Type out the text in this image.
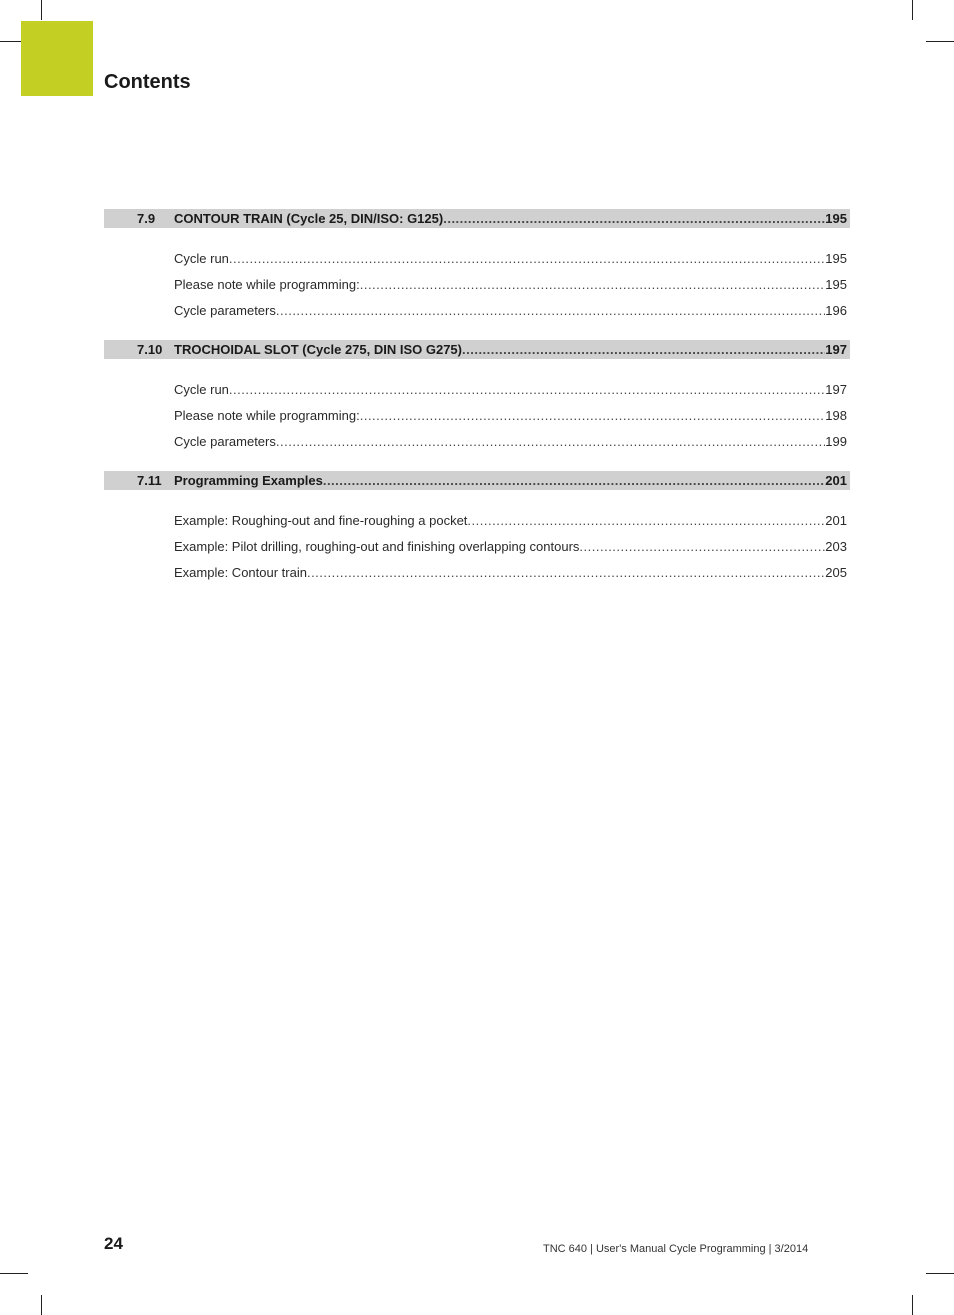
Contents
7.9	CONTOUR TRAIN (Cycle 25, DIN/ISO: G125) .....	195
Cycle run .....	195
Please note while programming: .....	195
Cycle parameters .....	196
7.10 TROCHOIDAL SLOT (Cycle 275, DIN ISO G275) .....	197
Cycle run .....	197
Please note while programming: .....	198
Cycle parameters .....	199
7.11 Programming Examples .....	201
Example: Roughing-out and fine-roughing a pocket .....	201
Example: Pilot drilling, roughing-out and finishing overlapping contours .....	203
Example: Contour train .....	205
24	TNC 640 | User's Manual Cycle Programming | 3/2014
